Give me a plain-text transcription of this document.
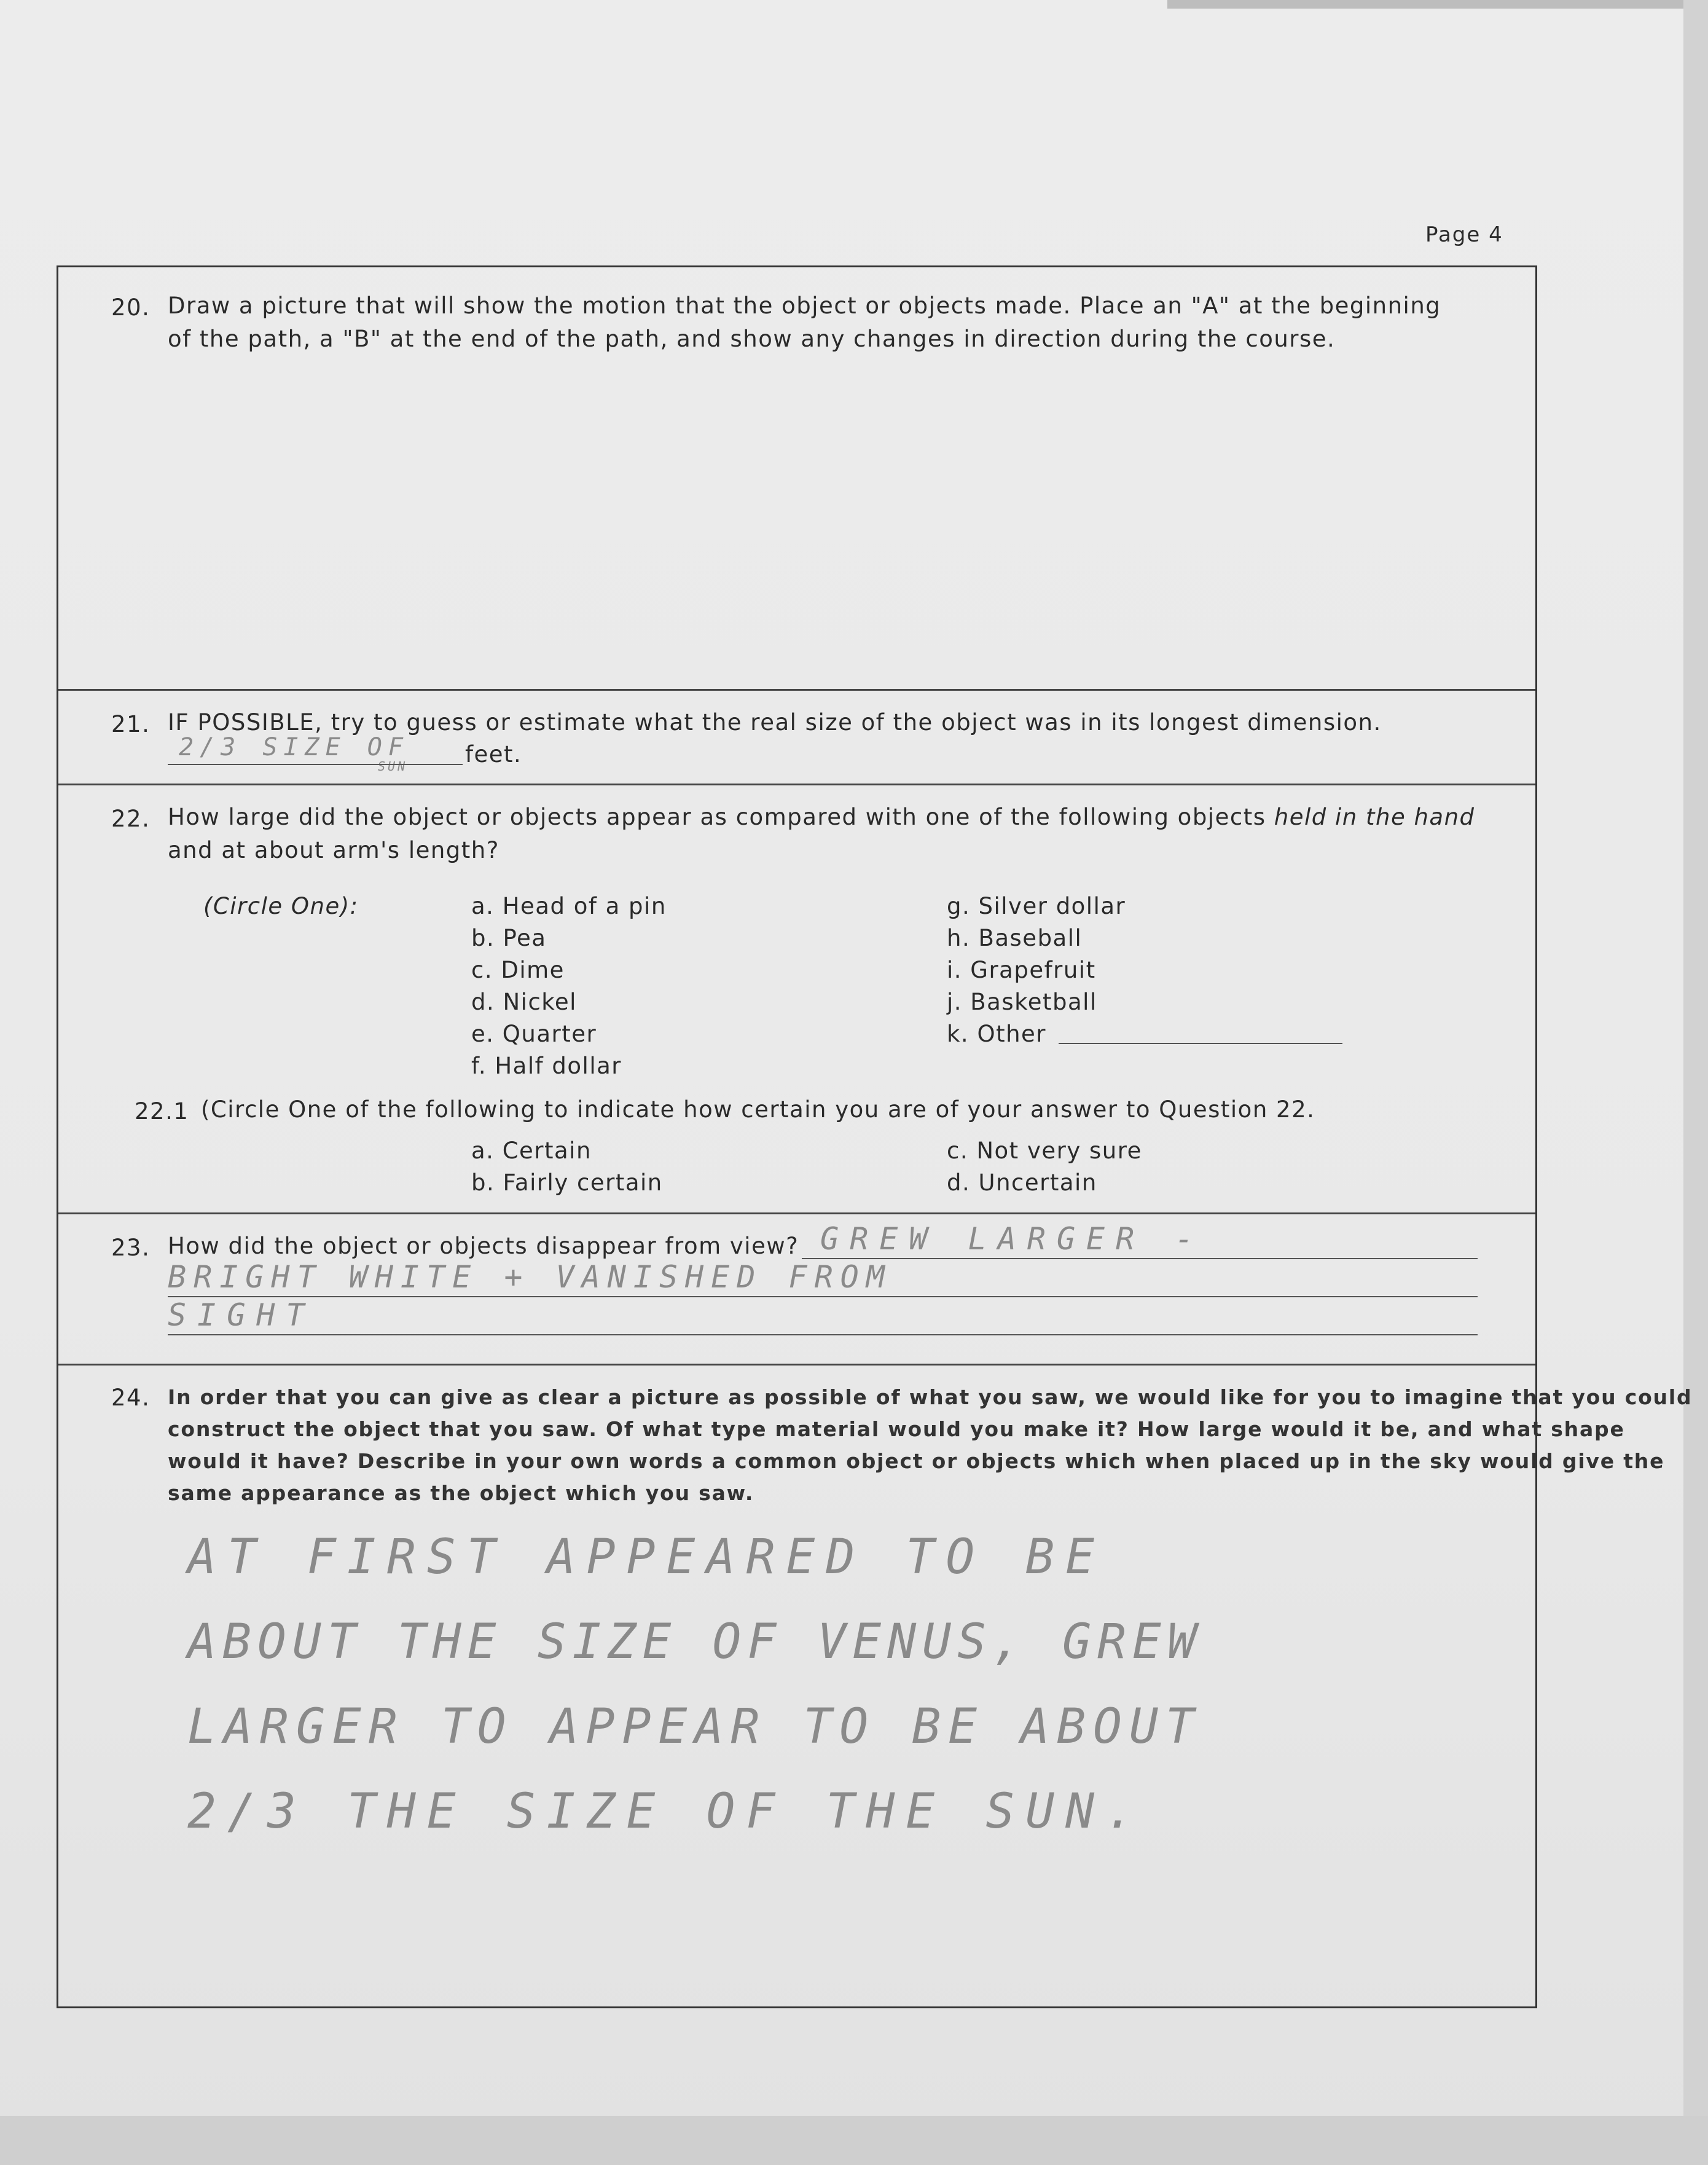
Page 4
20. Draw a picture that will show the motion that the object or objects made. Place an "A" at the beginning
of the path, a "B" at the end of the path, and show any changes in direction during the course.
21. IF POSSIBLE, try to guess or estimate what the real size of the object was in its longest dimension.
2/3 SIZE OF
SUN	feet.
22. How large did the object or objects appear as compared with one of the following objects held in the hand
and at about arm's length?
(Circle One):	a. Head of a pin
b. Pea
c. Dime
d. Nickel
e. Quarter
f. Half dollar
g. Silver dollar
h. Baseball
i. Grapefruit
j. Basketball
k. Other
22.1 (Circle One of the following to indicate how certain you are of your answer to Question 22.
a. Certain
b. Fairly certain
c. Not very sure
d. Uncertain
23. How did the object or objects disappear from view? GREW LARGER -
BRIGHT WHITE + VANISHED FROM
SIGHT
24. In order that you can give as clear a picture as possible of what you saw, we would like for you to imagine that you could
construct the object that you saw. Of what type material would you make it? How large would it be, and what shape
would it have? Describe in your own words a common object or objects which when placed up in the sky would give the
same appearance as the object which you saw.
AT FIRST APPEARED TO BE
ABOUT THE SIZE OF VENUS, GREW
LARGER TO APPEAR TO BE ABOUT
2/3 THE SIZE OF THE SUN.
